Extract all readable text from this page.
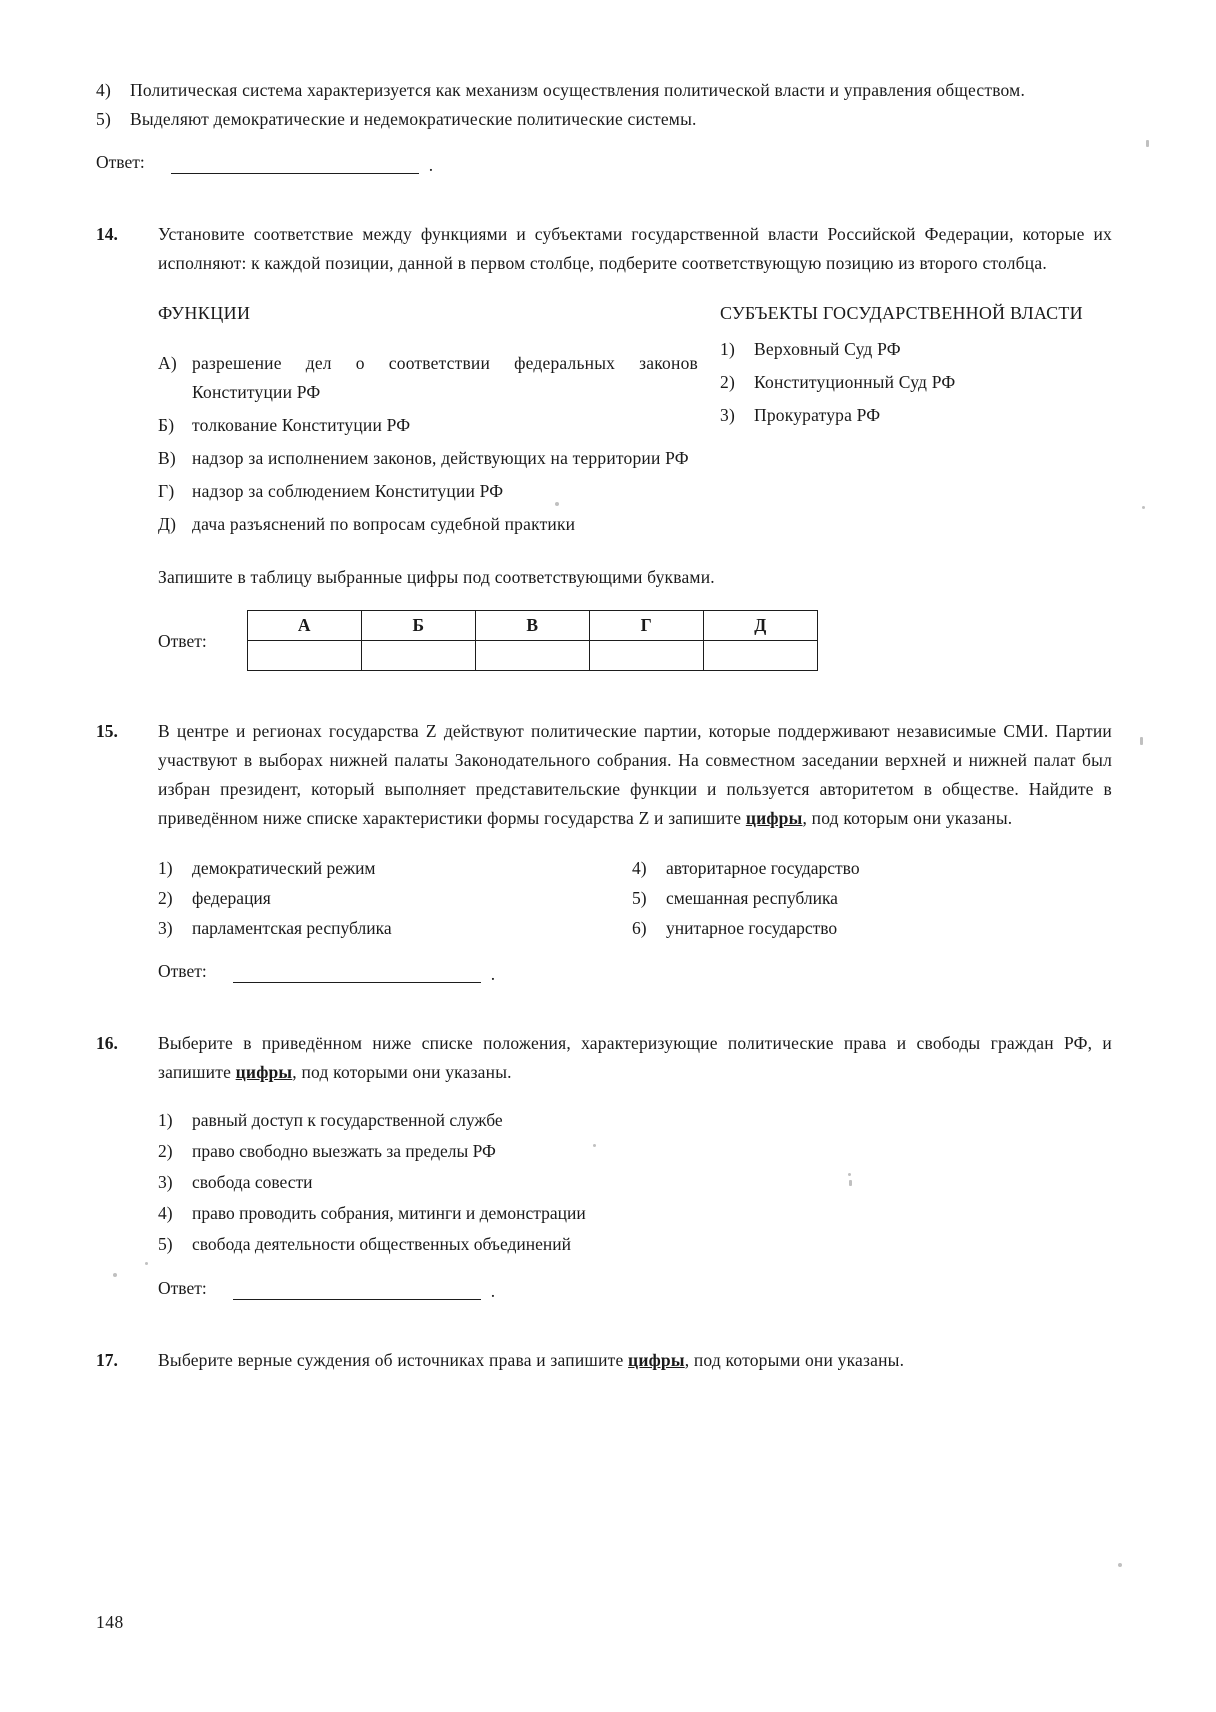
4)	Политическая система характеризуется как механизм осуществления политической власти и управления обществом.
5)	Выделяют демократические и недемократические политические системы.
Ответ:	.
14.	Установите соответствие между функциями и субъектами государственной власти Российской Федерации, которые их исполняют: к каждой позиции, данной в первом столбце, подберите соответствующую позицию из второго столбца.
ФУНКЦИИ
А) разрешение дел о соответствии федеральных законов Конституции РФ
Б)	толкование Конституции РФ
В) надзор за исполнением законов, действующих на территории РФ
Г)	надзор за соблюдением Конституции РФ
Д) дача разъяснений по вопросам судебной практики
СУБЪЕКТЫ ГОСУДАРСТВЕННОЙ ВЛАСТИ
1)	Верховный Суд РФ
2)	Конституционный Суд РФ
3)	Прокуратура РФ
Запишите в таблицу выбранные цифры под соответствующими буквами.
Ответ:
А	Б	В	Г	Д

15.	В центре и регионах государства Z действуют политические партии, которые поддерживают независимые СМИ. Партии участвуют в выборах нижней палаты Законодательного собрания. На совместном заседании верхней и нижней палат был избран президент, который выполняет представительские функции и пользуется авторитетом в обществе. Найдите в приведённом ниже списке характеристики формы государства Z и запишите цифры, под которым они указаны.
1)	демократический режим
2)	федерация
3)	парламентская республика
4)	авторитарное государство
5)	смешанная республика
6)	унитарное государство
Ответ:	.
16.	Выберите в приведённом ниже списке положения, характеризующие политические права и свободы граждан РФ, и запишите цифры, под которыми они указаны.
1)	равный доступ к государственной службе
2)	право свободно выезжать за пределы РФ
3)	свобода совести
4)	право проводить собрания, митинги и демонстрации
5)	свобода деятельности общественных объединений
Ответ:	.
17.	Выберите верные суждения об источниках права и запишите цифры, под которыми они указаны.
148
